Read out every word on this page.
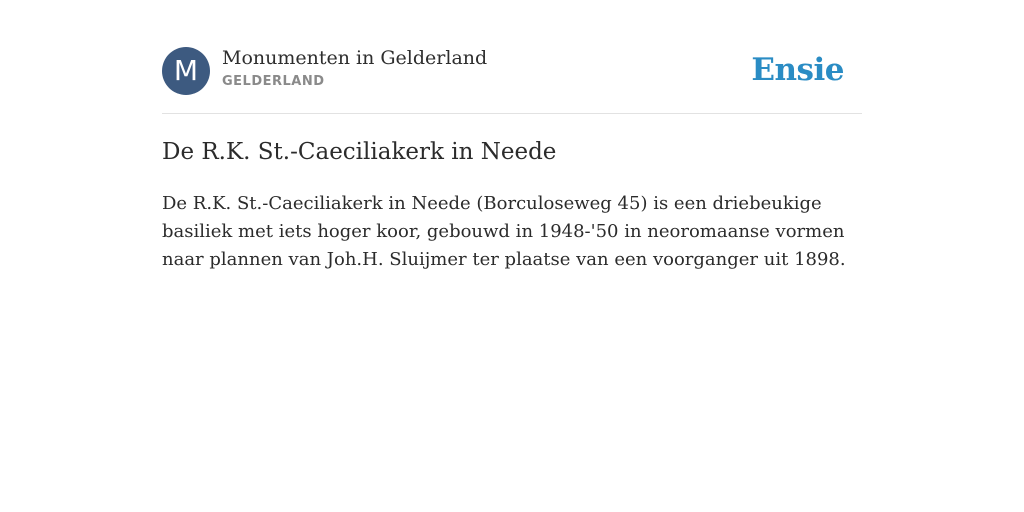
M	Monumenten in Gelderland
GELDERLAND	Ensie
De R.K. St.-Caeciliakerk in Neede

De R.K. St.-Caeciliakerk in Neede (Borculoseweg 45) is een driebeukige basiliek met iets hoger koor, gebouwd in 1948-'50 in neoromaanse vormen naar plannen van Joh.H. Sluijmer ter plaatse van een voorganger uit 1898.
